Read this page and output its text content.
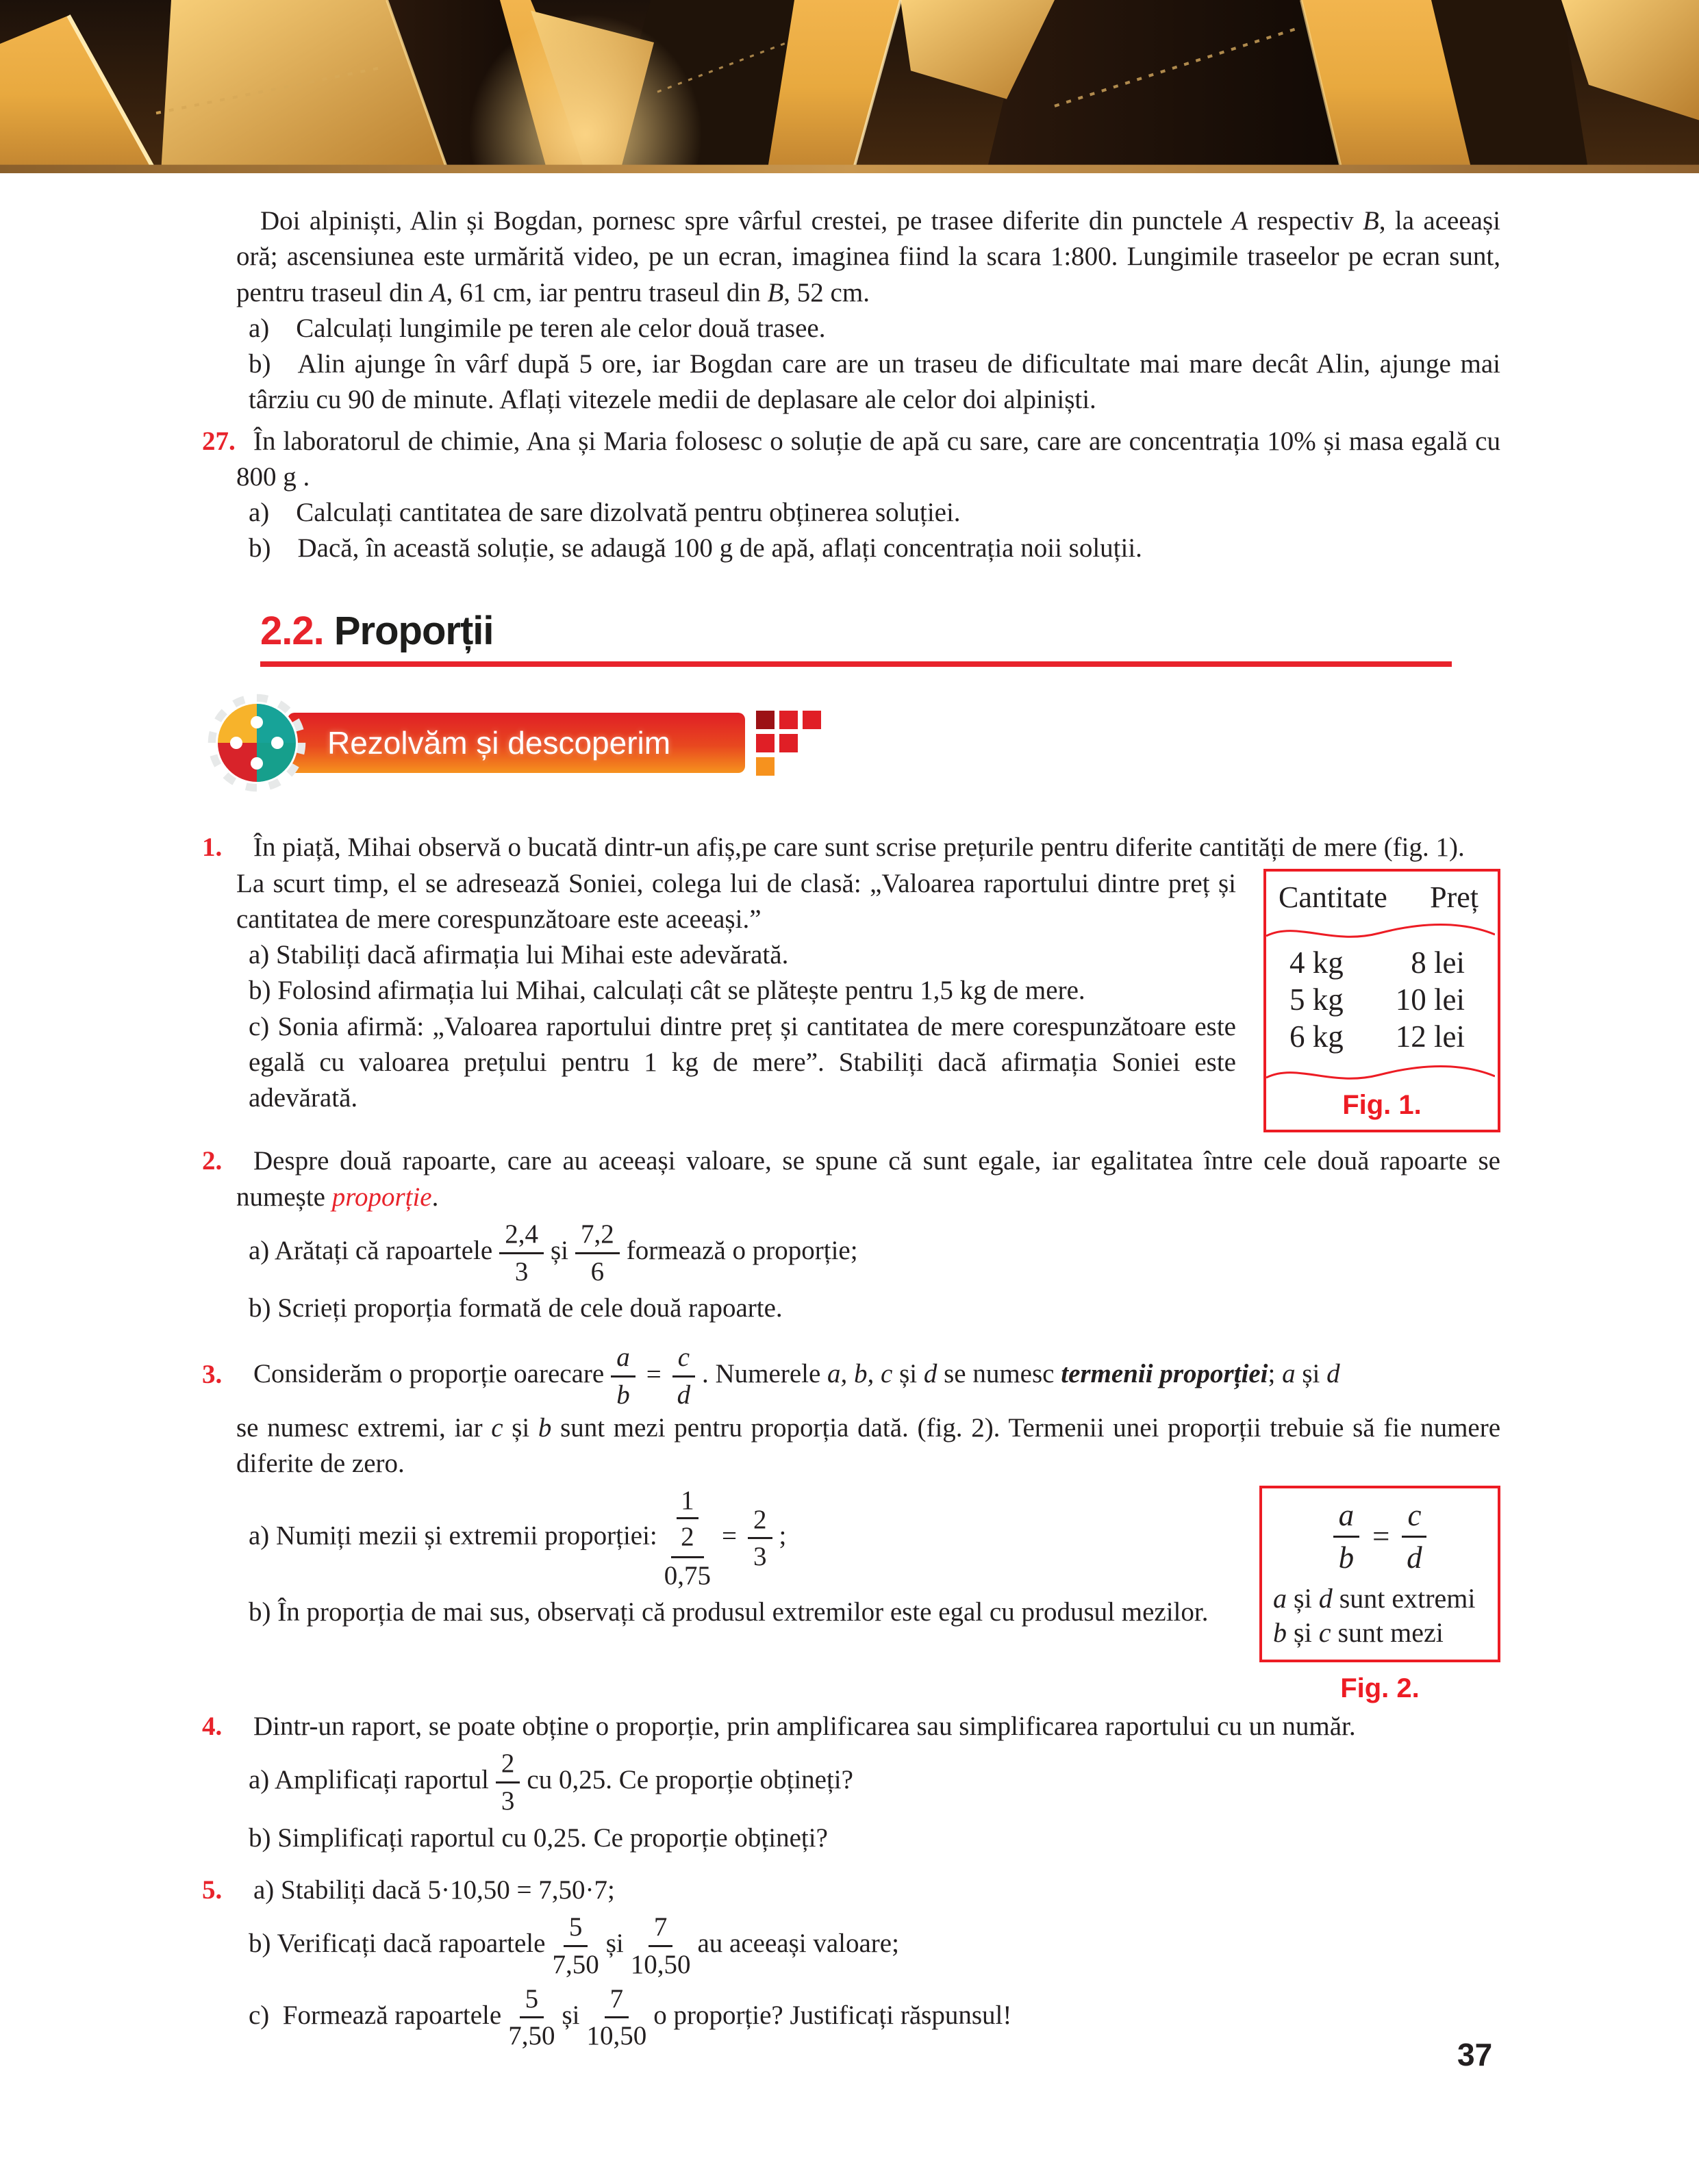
Doi alpiniști, Alin și Bogdan, pornesc spre vârful crestei, pe trasee diferite din punctele A respectiv B, la aceeași oră; ascensiunea este urmărită video, pe un ecran, imaginea fiind la scara 1:800. Lungimile traseelor pe ecran sunt, pentru traseul din A, 61 cm, iar pentru traseul din B, 52 cm.

a)  Calculați lungimile pe teren ale celor două trasee.

b)  Alin ajunge în vârf după 5 ore, iar Bogdan care are un traseu de dificultate mai mare decât Alin, ajunge mai târziu cu 90 de minute. Aflați vitezele medii de deplasare ale celor doi alpiniști.

27. În laboratorul de chimie, Ana și Maria folosesc o soluție de apă cu sare, care are concentrația 10% și masa egală cu 800 g .

a)  Calculați cantitatea de sare dizolvată pentru obținerea soluției.

b)  Dacă, în această soluție, se adaugă 100 g de apă, aflați concentrația noii soluții.

2.2. Proporții
Rezolvăm și descoperim

1. În piață, Mihai observă o bucată dintr-un afiș,pe care sunt scrise prețurile pentru diferite cantități de mere (fig. 1).

Cantitate Preț
4 kg	8 lei
5 kg	10 lei
6 kg	12 lei
Fig. 1.

La scurt timp, el se adresează Soniei, colega lui de clasă: „Valoarea raportului dintre preț și cantitatea de mere corespunzătoare este aceeași.”

a) Stabiliți dacă afirmația lui Mihai este adevărată.

b) Folosind afirmația lui Mihai, calculați cât se plătește pentru 1,5 kg de mere.

c) Sonia afirmă: „Valoarea raportului dintre preț și cantitatea de mere corespunzătoare este egală cu valoarea prețului pentru 1 kg de mere”. Stabiliți dacă afirmația Soniei este adevărată.

2. Despre două rapoarte, care au aceeași valoare, se spune că sunt egale, iar egalitatea între cele două rapoarte se numește proporție.

a) Arătați că rapoartele $\frac{2,4}{3}$ și $\frac{7,2}{6}$ formează o proporție;

b) Scrieți proporția formată de cele două rapoarte.

3. Considerăm o proporție oarecare $\frac{a}{b} = \frac{c}{d}$ . Numerele a, b, c și d se numesc termenii proporției; a și d

se numesc extremi, iar c și b sunt mezi pentru proporția dată. (fig. 2). Termenii unei proporții trebuie să fie numere diferite de zero.

$\frac{a}{b} = \frac{c}{d}$
a și d sunt extremi
b și c sunt mezi
Fig. 2.

a) Numiți mezii și extremii proporției: $\frac{\frac{1}{2}}{0,75} = \frac{2}{3}$ ;

b) În proporția de mai sus, observați că produsul extremilor este egal cu produsul mezilor.

4. Dintr-un raport, se poate obține o proporție, prin amplificarea sau simplificarea raportului cu un număr.

a) Amplificați raportul $\frac{2}{3}$ cu 0,25. Ce proporție obțineți?

b) Simplificați raportul cu 0,25. Ce proporție obțineți?

5. a) Stabiliți dacă 5·10,50 = 7,50·7;

b) Verificați dacă rapoartele $\frac{5}{7,50}$ și $\frac{7}{10,50}$ au aceeași valoare;

c) Formează rapoartele $\frac{5}{7,50}$ și $\frac{7}{10,50}$ o proporție? Justificați răspunsul!

37
